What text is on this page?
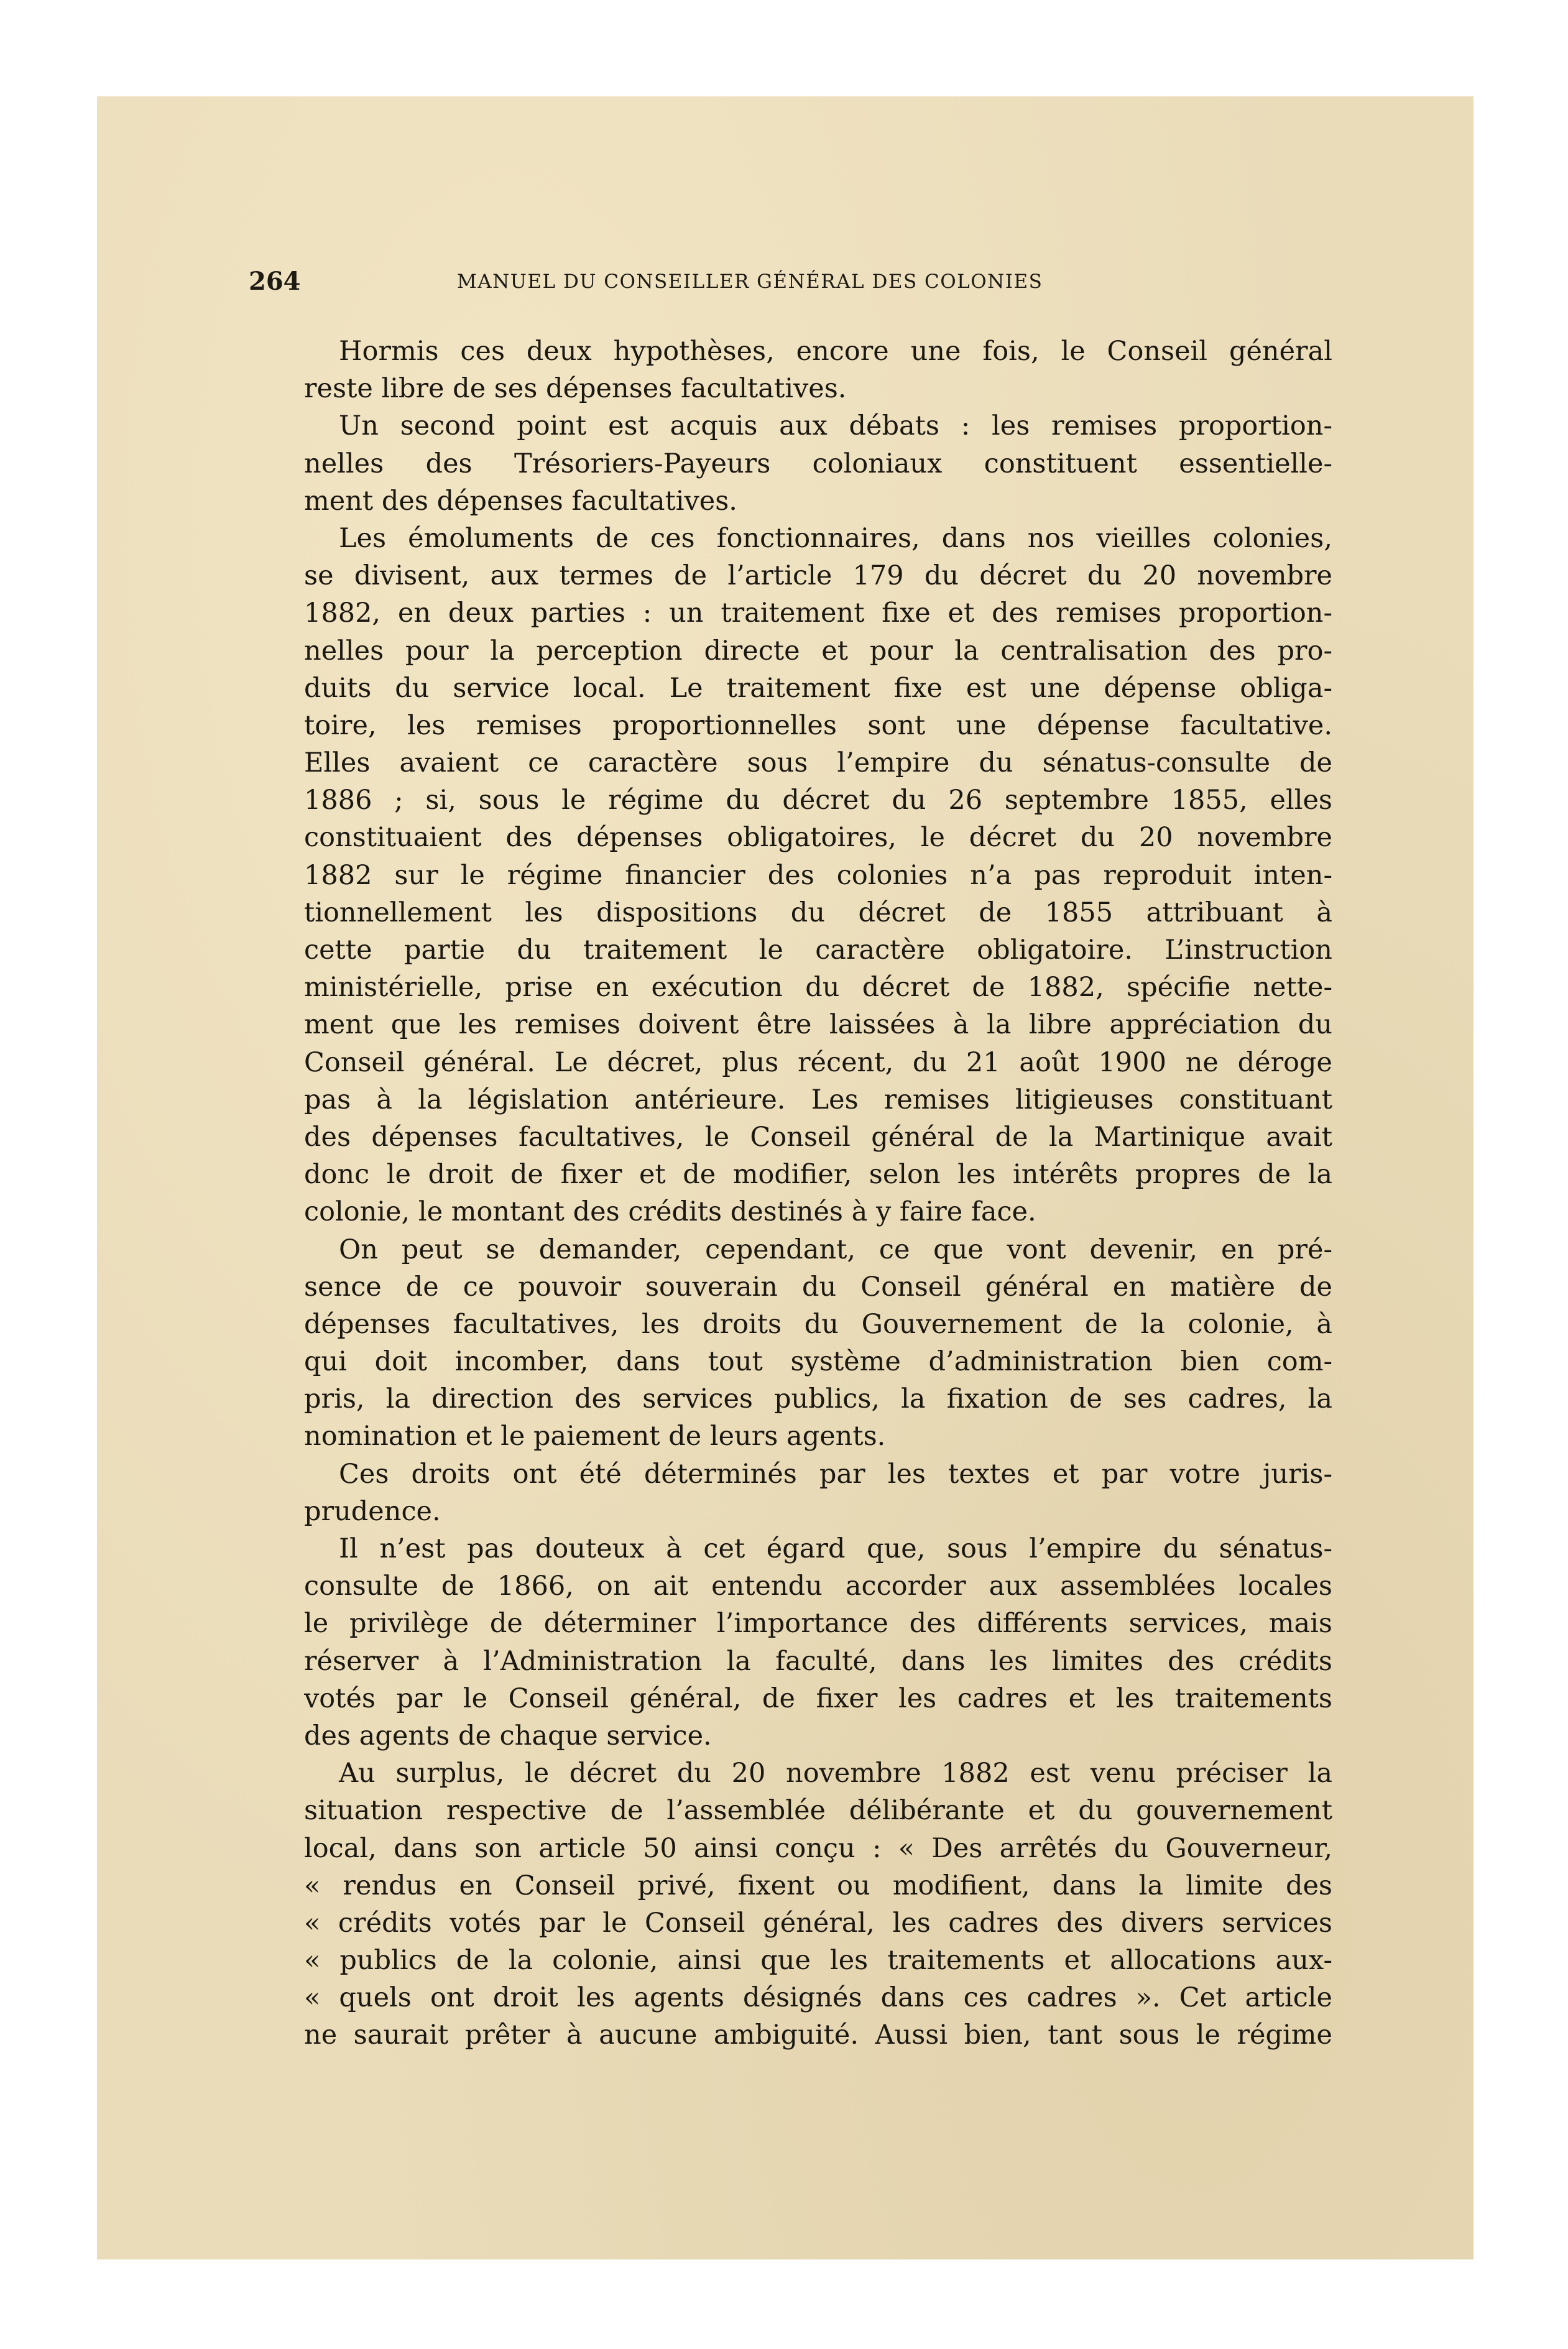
264	MANUEL DU CONSEILLER GÉNÉRAL DES COLONIES
Hormis ces deux hypothèses, encore une fois, le Conseil général
reste libre de ses dépenses facultatives.
Un second point est acquis aux débats : les remises proportion-
nelles des Trésoriers-Payeurs coloniaux constituent essentielle-
ment des dépenses facultatives.
Les émoluments de ces fonctionnaires, dans nos vieilles colonies,
se divisent, aux termes de l’article 179 du décret du 20 novembre
1882, en deux parties : un traitement fixe et des remises proportion-
nelles pour la perception directe et pour la centralisation des pro-
duits du service local. Le traitement fixe est une dépense obliga-
toire, les remises proportionnelles sont une dépense facultative.
Elles avaient ce caractère sous l’empire du sénatus-consulte de
1886 ; si, sous le régime du décret du 26 septembre 1855, elles
constituaient des dépenses obligatoires, le décret du 20 novembre
1882 sur le régime financier des colonies n’a pas reproduit inten-
tionnellement les dispositions du décret de 1855 attribuant à
cette partie du traitement le caractère obligatoire. L’instruction
ministérielle, prise en exécution du décret de 1882, spécifie nette-
ment que les remises doivent être laissées à la libre appréciation du
Conseil général. Le décret, plus récent, du 21 août 1900 ne déroge
pas à la législation antérieure. Les remises litigieuses constituant
des dépenses facultatives, le Conseil général de la Martinique avait
donc le droit de fixer et de modifier, selon les intérêts propres de la
colonie, le montant des crédits destinés à y faire face.
On peut se demander, cependant, ce que vont devenir, en pré-
sence de ce pouvoir souverain du Conseil général en matière de
dépenses facultatives, les droits du Gouvernement de la colonie, à
qui doit incomber, dans tout système d’administration bien com-
pris, la direction des services publics, la fixation de ses cadres, la
nomination et le paiement de leurs agents.
Ces droits ont été déterminés par les textes et par votre juris-
prudence.
Il n’est pas douteux à cet égard que, sous l’empire du sénatus-
consulte de 1866, on ait entendu accorder aux assemblées locales
le privilège de déterminer l’importance des différents services, mais
réserver à l’Administration la faculté, dans les limites des crédits
votés par le Conseil général, de fixer les cadres et les traitements
des agents de chaque service.
Au surplus, le décret du 20 novembre 1882 est venu préciser la
situation respective de l’assemblée délibérante et du gouvernement
local, dans son article 50 ainsi conçu : « Des arrêtés du Gouverneur,
« rendus en Conseil privé, fixent ou modifient, dans la limite des
« crédits votés par le Conseil général, les cadres des divers services
« publics de la colonie, ainsi que les traitements et allocations aux-
« quels ont droit les agents désignés dans ces cadres ». Cet article
ne saurait prêter à aucune ambiguité. Aussi bien, tant sous le régime
